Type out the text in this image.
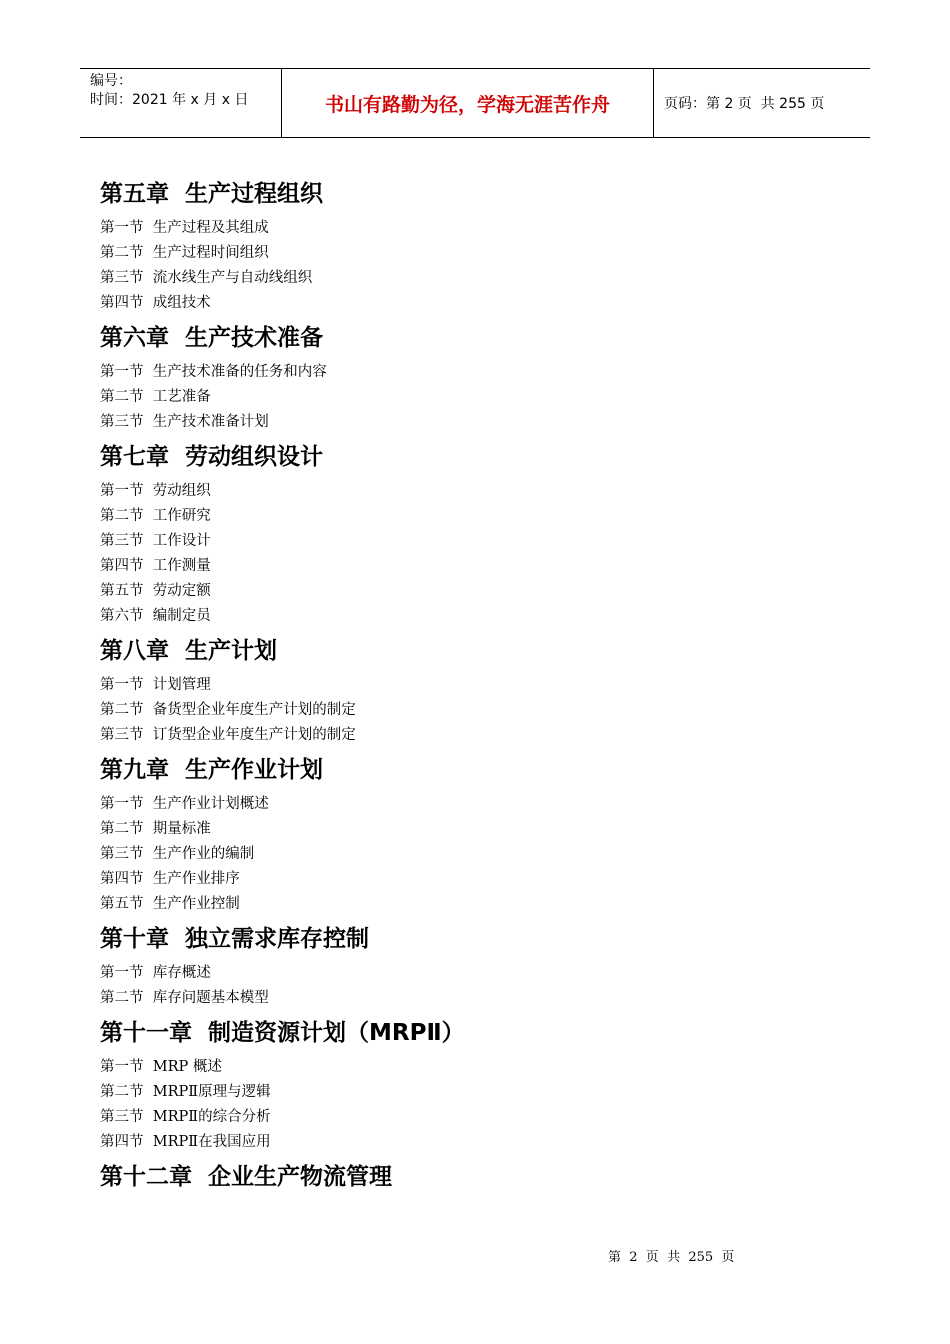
编号：
时间：2021 年 x 月 x 日	书山有路勤为径，学海无涯苦作舟	页码：第 2 页  共 255 页
第五章  生产过程组织
第一节  生产过程及其组成
第二节  生产过程时间组织
第三节  流水线生产与自动线组织
第四节  成组技术
第六章  生产技术准备
第一节  生产技术准备的任务和内容
第二节  工艺准备
第三节  生产技术准备计划
第七章  劳动组织设计
第一节  劳动组织
第二节  工作研究
第三节  工作设计
第四节  工作测量
第五节  劳动定额
第六节  编制定员
第八章  生产计划
第一节  计划管理
第二节  备货型企业年度生产计划的制定
第三节  订货型企业年度生产计划的制定
第九章  生产作业计划
第一节  生产作业计划概述
第二节  期量标准
第三节  生产作业的编制
第四节  生产作业排序
第五节  生产作业控制
第十章  独立需求库存控制
第一节  库存概述
第二节  库存问题基本模型
第十一章  制造资源计划（MRPⅡ）
第一节  MRP 概述
第二节  MRPⅡ原理与逻辑
第三节  MRPⅡ的综合分析
第四节  MRPⅡ在我国应用
第十二章  企业生产物流管理
第  2  页  共  255  页
